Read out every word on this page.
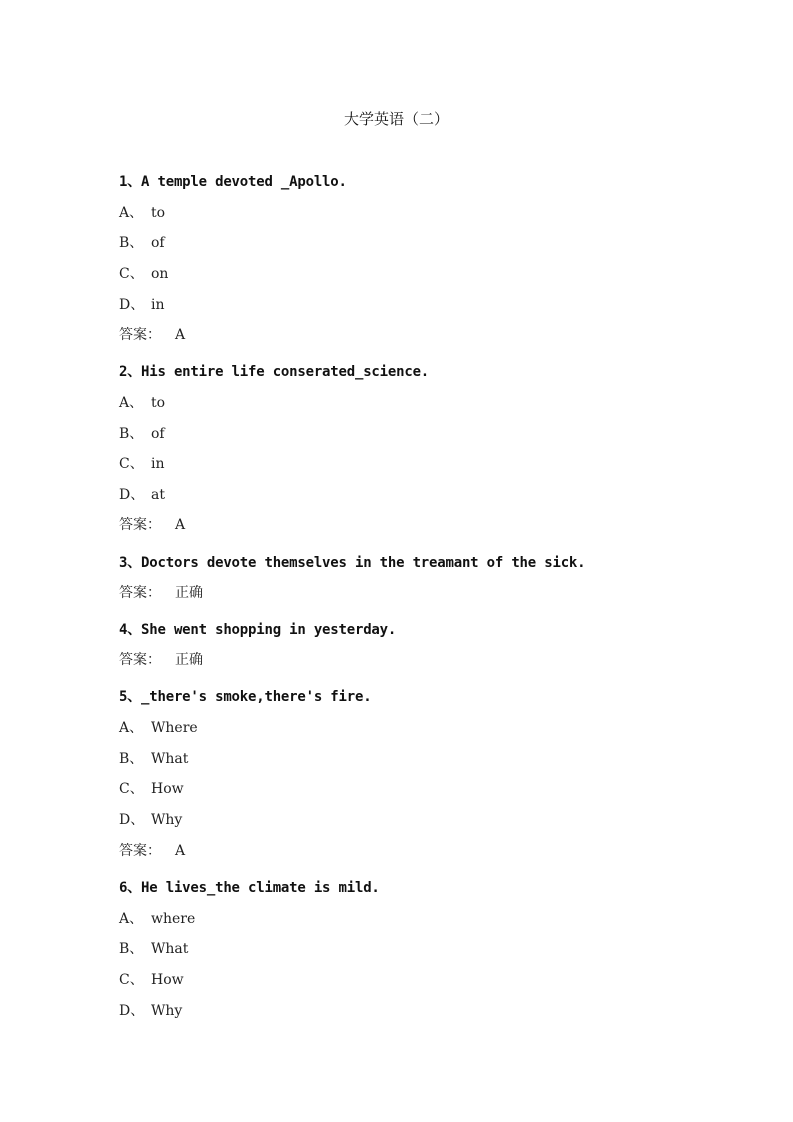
大学英语（二）
1、A temple devoted _Apollo.
A、 to
B、 of
C、 on
D、 in
答案： A
2、His entire life conserated_science.
A、 to
B、 of
C、 in
D、 at
答案： A
3、Doctors devote themselves in the treamant of the sick.
答案： 正确
4、She went shopping in yesterday.
答案： 正确
5、_there's smoke,there's fire.
A、 Where
B、 What
C、 How
D、 Why
答案： A
6、He lives_the climate is mild.
A、 where
B、 What
C、 How
D、 Why
